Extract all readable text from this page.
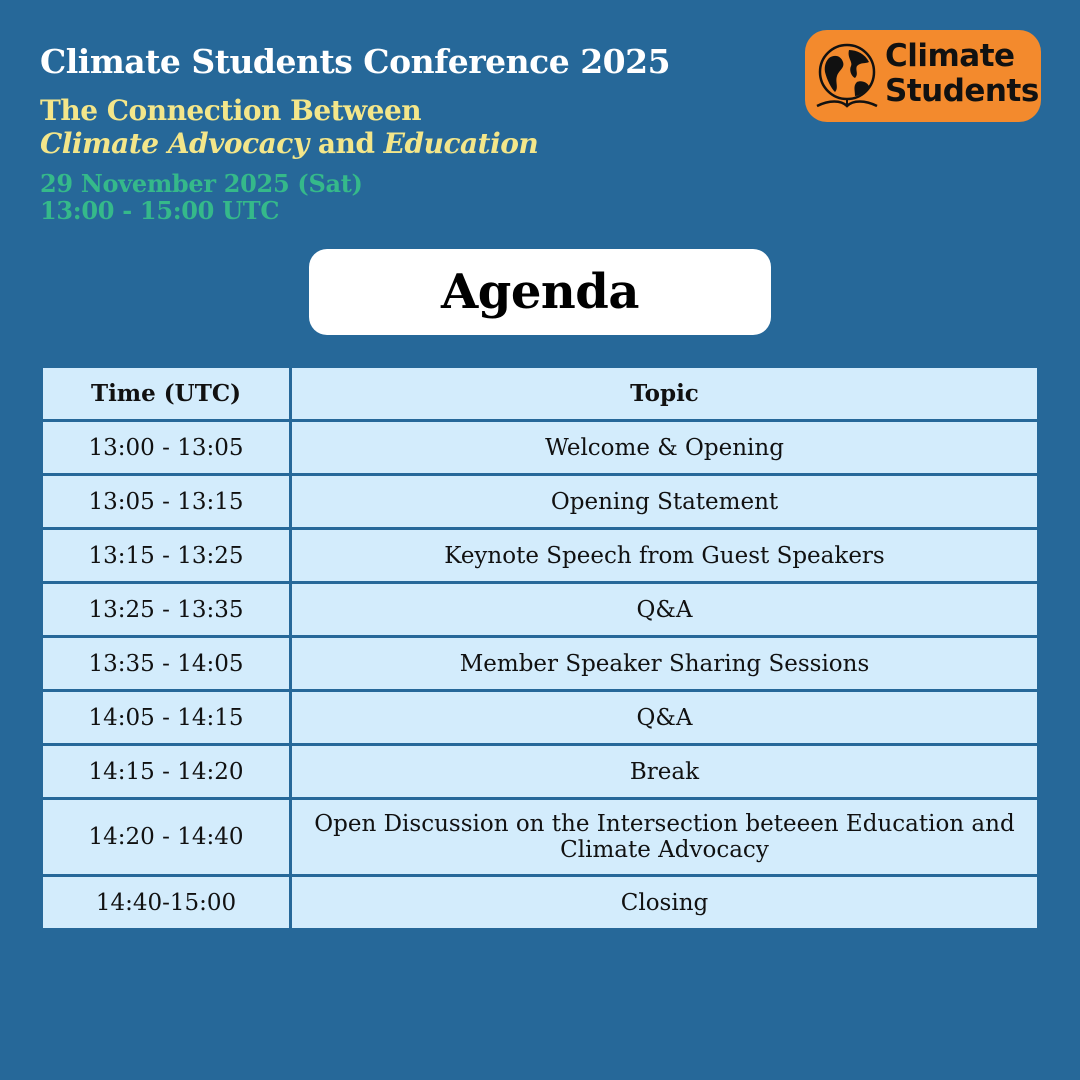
Climate Students Conference 2025
The Connection Between
Climate Advocacy and Education
29 November 2025 (Sat)
13:00 - 15:00 UTC
Climate
Students
Agenda
Time (UTC)	Topic
13:00 - 13:05	Welcome & Opening
13:05 - 13:15	Opening Statement
13:15 - 13:25	Keynote Speech from Guest Speakers
13:25 - 13:35	Q&A
13:35 - 14:05	Member Speaker Sharing Sessions
14:05 - 14:15	Q&A
14:15 - 14:20	Break
14:20 - 14:40	Open Discussion on the Intersection beteeen Education and Climate Advocacy
14:40-15:00	Closing
